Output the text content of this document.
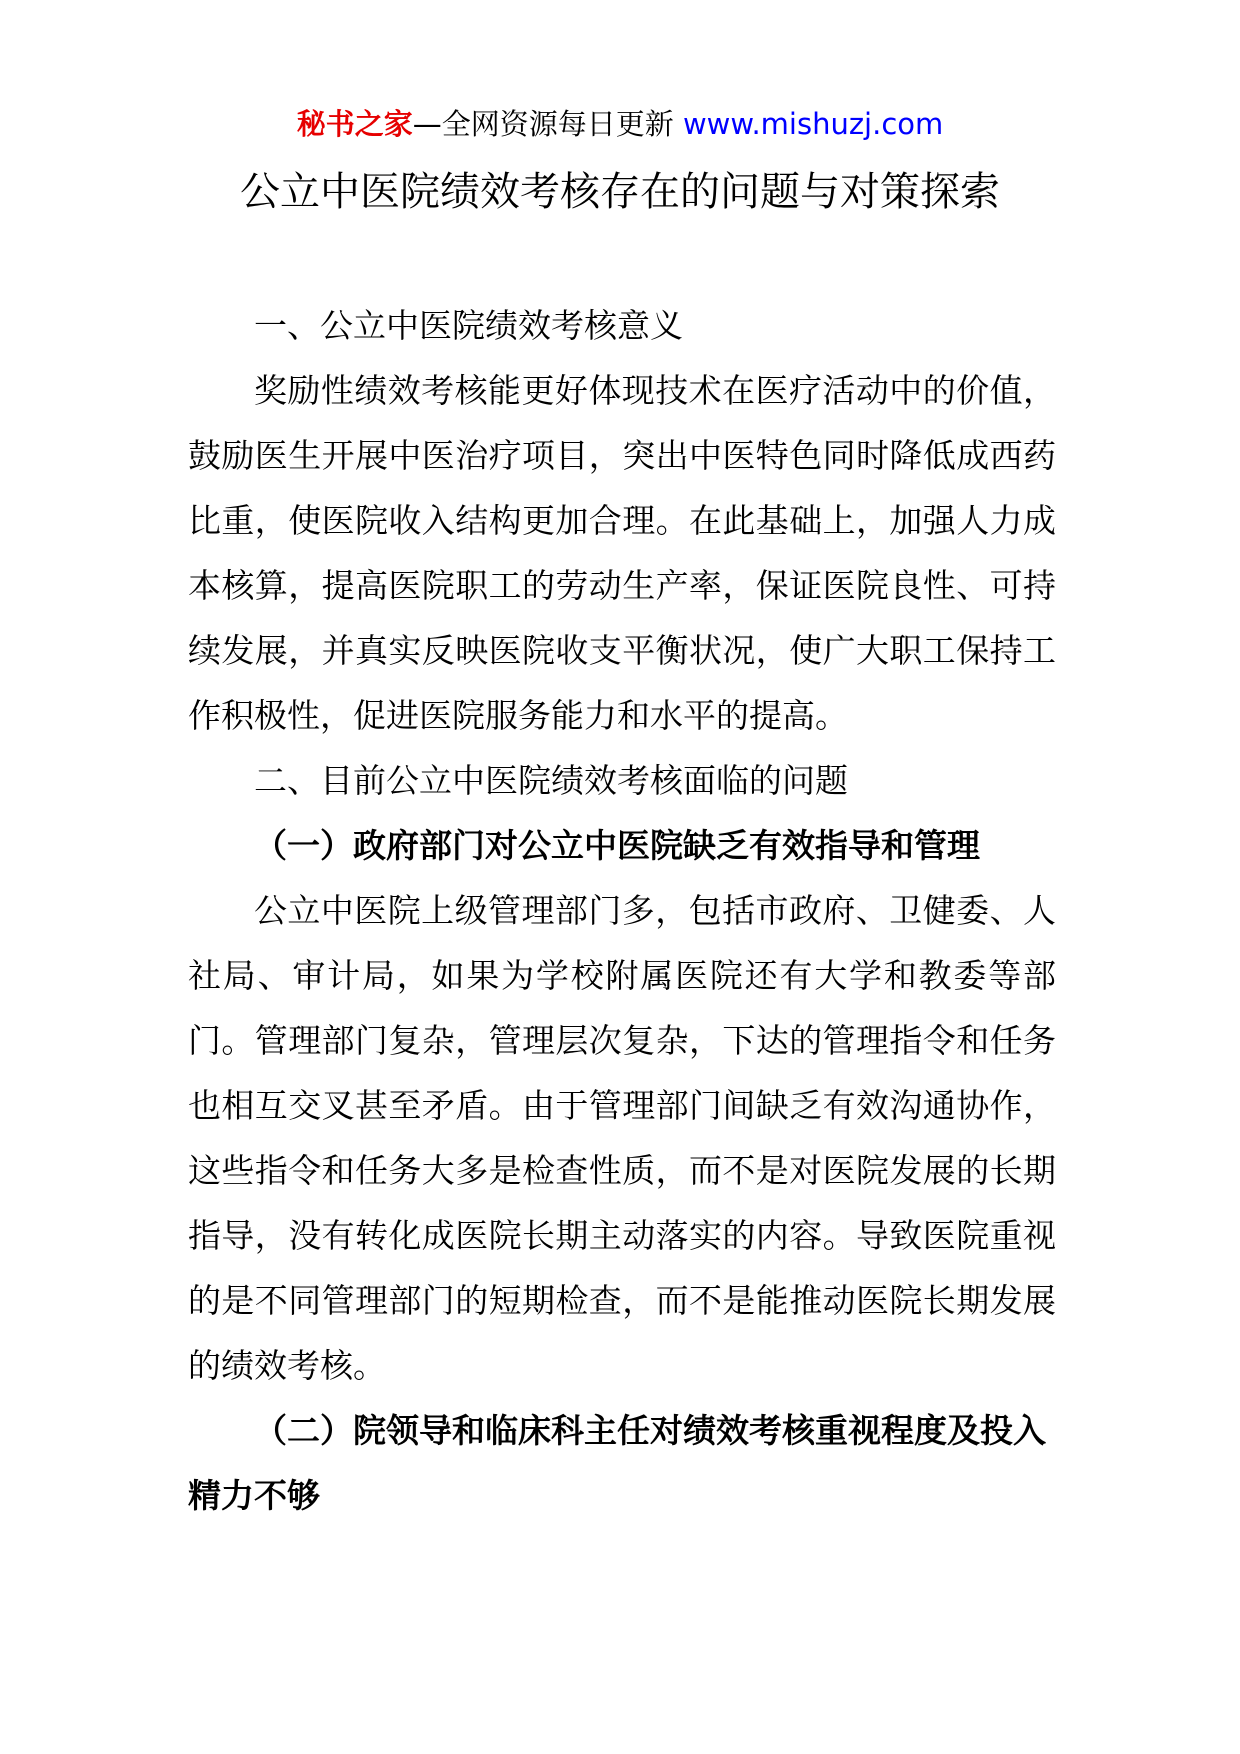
秘书之家—全网资源每日更新 www.mishuzj.com
公立中医院绩效考核存在的问题与对策探索

一、公立中医院绩效考核意义

奖励性绩效考核能更好体现技术在医疗活动中的价值，鼓励医生开展中医治疗项目，突出中医特色同时降低成西药比重，使医院收入结构更加合理。在此基础上，加强人力成本核算，提高医院职工的劳动生产率，保证医院良性、可持续发展，并真实反映医院收支平衡状况，使广大职工保持工作积极性，促进医院服务能力和水平的提高。

二、目前公立中医院绩效考核面临的问题

（一）政府部门对公立中医院缺乏有效指导和管理

公立中医院上级管理部门多，包括市政府、卫健委、人社局、审计局，如果为学校附属医院还有大学和教委等部门。管理部门复杂，管理层次复杂，下达的管理指令和任务也相互交叉甚至矛盾。由于管理部门间缺乏有效沟通协作，这些指令和任务大多是检查性质，而不是对医院发展的长期指导，没有转化成医院长期主动落实的内容。导致医院重视的是不同管理部门的短期检查，而不是能推动医院长期发展的绩效考核。

（二）院领导和临床科主任对绩效考核重视程度及投入精力不够
